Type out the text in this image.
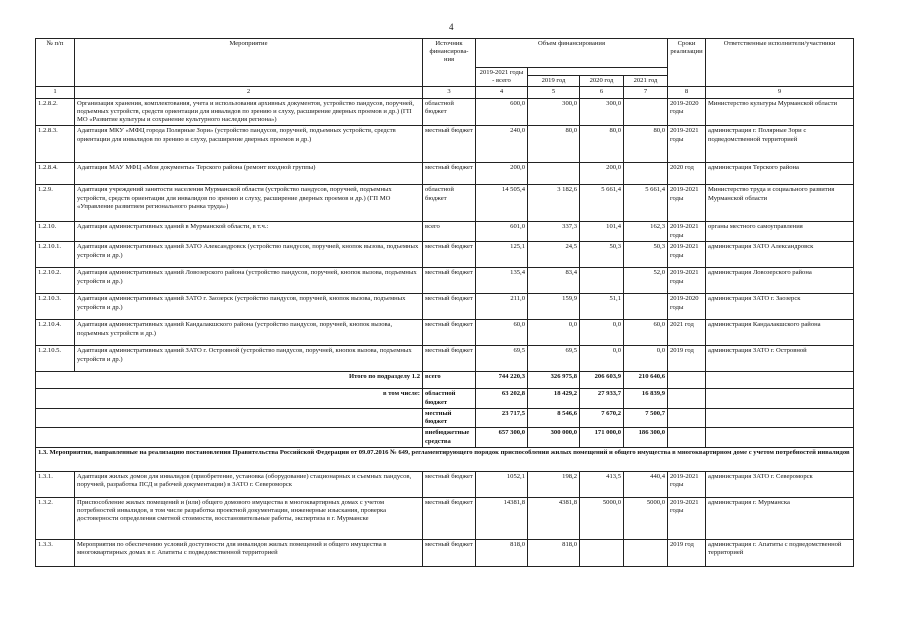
4
№ п/п	Мероприятие	Источник финансирова-ния	Объем финансирования				Сроки реализации	Ответственные исполнители/участники
			2019-2021 годы - всего					
				2019 год	2020 год	2021 год		
1	2	3	4	5	6	7	8	9
1.2.8.2.	Организация хранения, комплектования, учета и использования архивных документов, устройство пандусов, поручней, подъемных устройств, средств ориентации для инвалидов по зрению и слуху, расширение дверных проемов и др.) (ГП МО «Развитие культуры и сохранение культурного наследия региона»)	областной бюджет	600,0	300,0	300,0		2019-2020 годы	Министерство культуры Мурманской области
1.2.8.3.	Адаптация МКУ «МФЦ города Полярные Зори» (устройство пандусов, поручней, подъемных устройств, средств ориентации для инвалидов по зрению и слуху, расширение дверных проемов и др.)	местный бюджет	240,0	80,0	80,0	80,0	2019-2021 годы	администрация г. Полярные Зори с подведомственной территорией
1.2.8.4.	Адаптация МАУ МФЦ «Мои документы» Терского района (ремонт входной группы)	местный бюджет	200,0		200,0		2020 год	администрация Терского района
1.2.9.	Адаптация учреждений занятости населения Мурманской области (устройство пандусов, поручней, подъемных устройств, средств ориентации для инвалидов по зрению и слуху, расширение дверных проемов и др.) (ГП МО «Управление развитием регионального рынка труда»)	областной бюджет	14 505,4	3 182,6	5 661,4	5 661,4	2019-2021 годы	Министерство труда и социального развития Мурманской области
1.2.10.	Адаптация административных зданий в Мурманской области, в т.ч.:	всего	601,0	337,3	101,4	162,3	2019-2021 годы	органы местного самоуправления
1.2.10.1.	Адаптация административных зданий ЗАТО Александровск (устройство пандусов, поручней, кнопок вызова, подъемных устройств и др.)	местный бюджет	125,1	24,5	50,3	50,3	2019-2021 годы	администрация ЗАТО Александровск
1.2.10.2.	Адаптация административных зданий Ловозерского района (устройство пандусов, поручней, кнопок вызова, подъемных устройств и др.)	местный бюджет	135,4	83,4		52,0	2019-2021 годы	администрация Ловозерского района
1.2.10.3.	Адаптация административных зданий ЗАТО г. Заозерск (устройство пандусов, поручней, кнопок вызова, подъемных устройств и др.)	местный бюджет	211,0	159,9	51,1		2019-2020 годы	администрация ЗАТО г. Заозерск
1.2.10.4.	Адаптация административных зданий Кандалакшского района (устройство пандусов, поручней, кнопок вызова, подъемных устройств и др.)	местный бюджет	60,0	0,0	0,0	60,0	2021 год	администрация Кандалакшского района
1.2.10.5.	Адаптация административных зданий ЗАТО г. Островной (устройство пандусов, поручней, кнопок вызова, подъемных устройств и др.)	местный бюджет	69,5	69,5	0,0	0,0	2019 год	администрация ЗАТО г. Островной
Итого по подразделу 1.2		всего	744 220,3	326 975,8	206 603,9	210 640,6		
в том числе:		областной бюджет	63 202,8	18 429,2	27 933,7	16 839,9		
		местный бюджет	23 717,5	8 546,6	7 670,2	7 500,7		
		внебюджетные средства	657 300,0	300 000,0	171 000,0	186 300,0		
1.3. Мероприятия, направленные на реализацию постановления Правительства Российской Федерации от 09.07.2016 № 649, регламентирующего порядок приспособления жилых помещений и общего имущества в многоквартирном доме с учетом потребностей инвалидов								
1.3.1.	Адаптация жилых домов для инвалидов (приобретение, установка (оборудование) стационарных и съемных пандусов, поручней, разработка ПСД и рабочей документации) в ЗАТО г. Североморск	местный бюджет	1052,1	198,2	413,5	440,4	2019-2021 годы	администрация ЗАТО г. Североморск
1.3.2.	Приспособление жилых помещений и (или) общего домового имущества в многоквартирных домах с учетом потребностей инвалидов, в том числе разработка проектной документации, инженерные изыскания, проверка достоверности определения сметной стоимости, восстановительные работы, экспертиза в г. Мурманске	местный бюджет	14381,8	4381,8	5000,0	5000,0	2019-2021 годы	администрация г. Мурманска
1.3.3.	Мероприятия по обеспечению условий доступности для инвалидов жилых помещений и общего имущества в многоквартирных домах в г. Апатиты с подведомственной территорией	местный бюджет	818,0	818,0			2019 год	администрация г. Апатиты с подведомственной территорией
